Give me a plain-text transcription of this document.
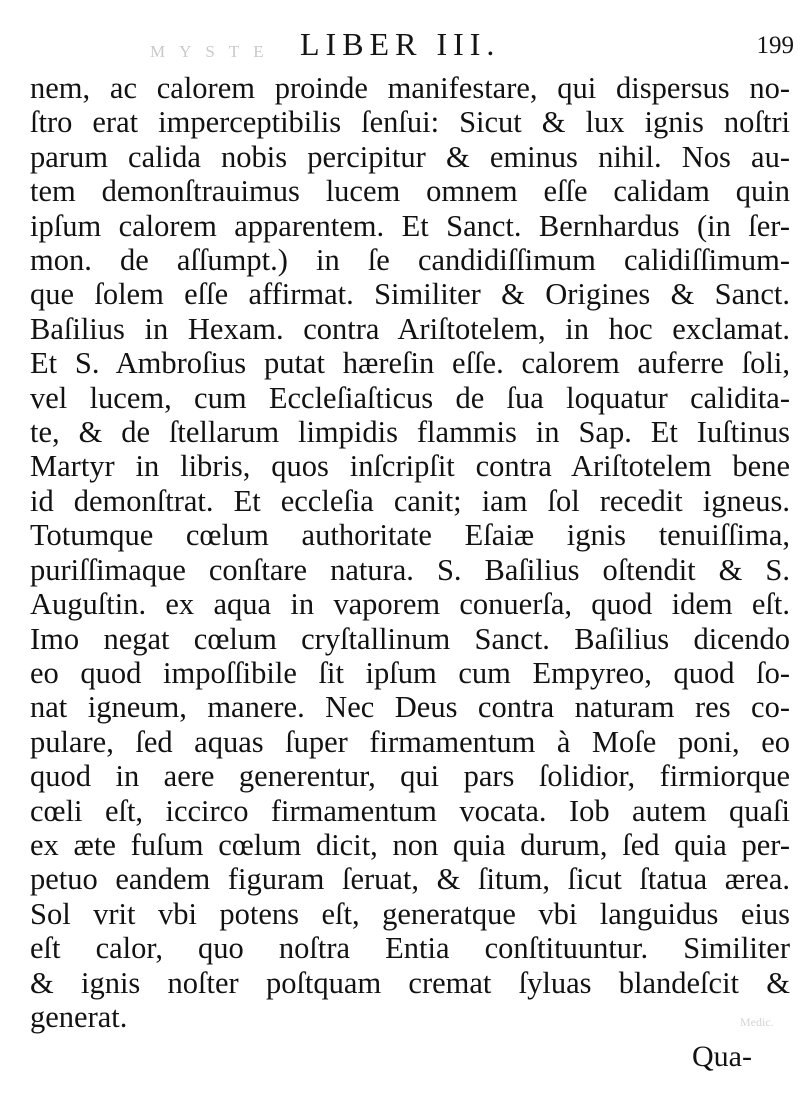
MYSTE LIBER III.	199
nem, ac calorem proinde manifestare, qui dispersus no-
ſtro erat imperceptibilis ſenſui: Sicut & lux ignis noſtri
parum calida nobis percipitur & eminus nihil. Nos au-
tem demonſtrauimus lucem omnem eſſe calidam quin
ipſum calorem apparentem. Et Sanct. Bernhardus (in ſer-
mon. de aſſumpt.) in ſe candidiſſimum calidiſſimum-
que ſolem eſſe affirmat. Similiter & Origines & Sanct.
Baſilius in Hexam. contra Ariſtotelem, in hoc exclamat.
Et S. Ambroſius putat hæreſin eſſe. calorem auferre ſoli,
vel lucem, cum Eccleſiaſticus de ſua loquatur calidita-
te, & de ſtellarum limpidis flammis in Sap. Et Iuſtinus
Martyr in libris, quos inſcripſit contra Ariſtotelem bene
id demonſtrat. Et eccleſia canit; iam ſol recedit igneus.
Totumque cœlum authoritate Eſaiæ ignis tenuiſſima,
puriſſimaque conſtare natura. S. Baſilius oſtendit & S.
Auguſtin. ex aqua in vaporem conuerſa, quod idem eſt.
Imo negat cœlum cryſtallinum Sanct. Baſilius dicendo
eo quod impoſſibile ſit ipſum cum Empyreo, quod ſo-
nat igneum, manere. Nec Deus contra naturam res co-
pulare, ſed aquas ſuper firmamentum à Moſe poni, eo
quod in aere generentur, qui pars ſolidior, firmiorque
cœli eſt, iccirco firmamentum vocata. Iob autem quaſi
ex æte fuſum cœlum dicit, non quia durum, ſed quia per-
petuo eandem figuram ſeruat, & ſitum, ſicut ſtatua ærea.
Sol vrit vbi potens eſt, generatque vbi languidus eius
eſt calor, quo noſtra Entia conſtituuntur. Similiter
& ignis noſter poſtquam cremat ſyluas blandeſcit &
generat.	Medic.
Qua-
